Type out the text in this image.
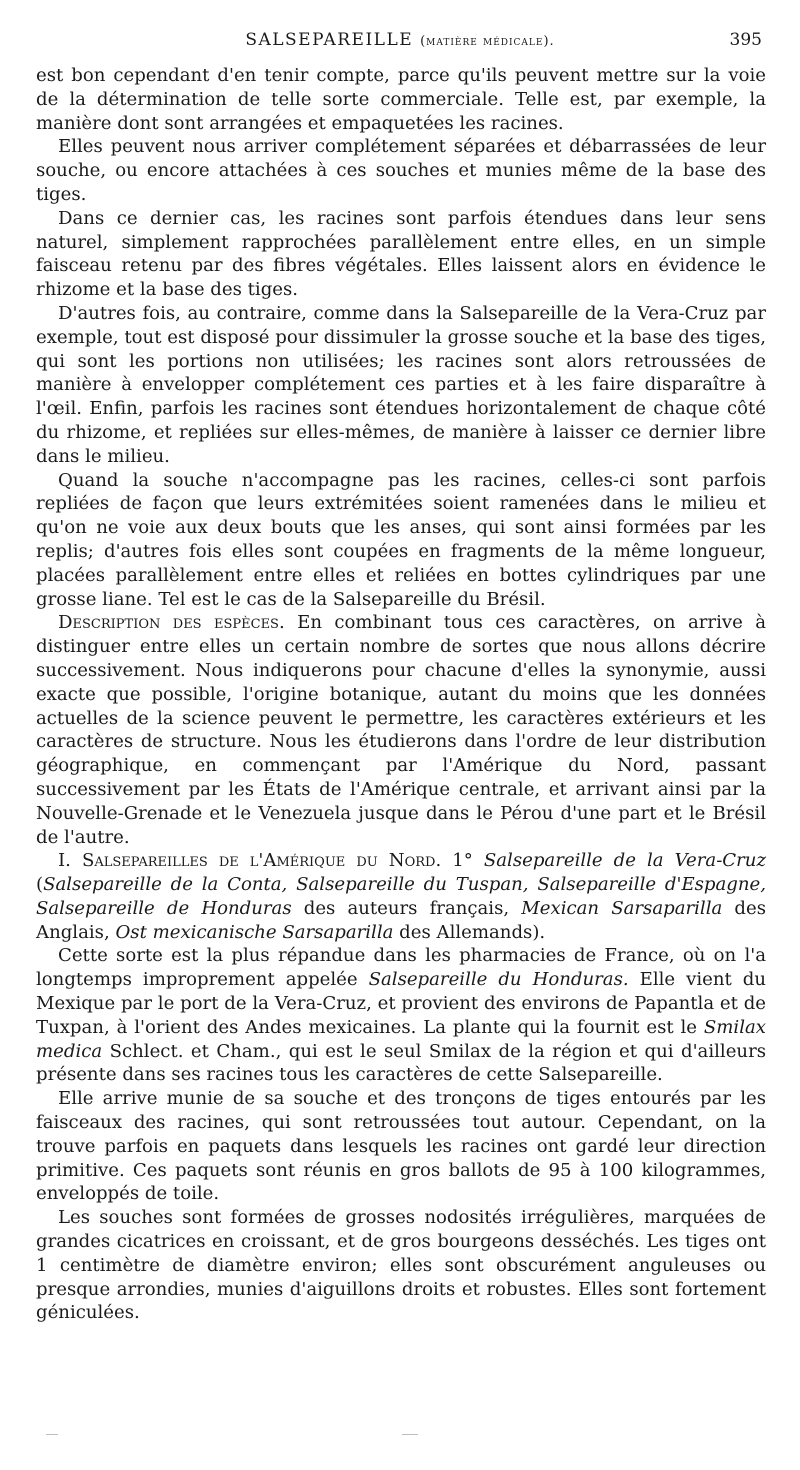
SALSEPAREILLE (matière médicale).	395

est bon cependant d'en tenir compte, parce qu'ils peuvent mettre sur la voie de la détermination de telle sorte commerciale. Telle est, par exemple, la manière dont sont arrangées et empaquetées les racines.

Elles peuvent nous arriver complétement séparées et débarrassées de leur souche, ou encore attachées à ces souches et munies même de la base des tiges.

Dans ce dernier cas, les racines sont parfois étendues dans leur sens naturel, simplement rapprochées parallèlement entre elles, en un simple faisceau retenu par des fibres végétales. Elles laissent alors en évidence le rhizome et la base des tiges.

D'autres fois, au contraire, comme dans la Salsepareille de la Vera-Cruz par exemple, tout est disposé pour dissimuler la grosse souche et la base des tiges, qui sont les portions non utilisées; les racines sont alors retroussées de manière à envelopper complétement ces parties et à les faire disparaître à l'œil. Enfin, parfois les racines sont étendues horizontalement de chaque côté du rhizome, et repliées sur elles-mêmes, de manière à laisser ce dernier libre dans le milieu.

Quand la souche n'accompagne pas les racines, celles-ci sont parfois repliées de façon que leurs extrémitées soient ramenées dans le milieu et qu'on ne voie aux deux bouts que les anses, qui sont ainsi formées par les replis; d'autres fois elles sont coupées en fragments de la même longueur, placées parallèlement entre elles et reliées en bottes cylindriques par une grosse liane. Tel est le cas de la Salsepareille du Brésil.

Description des espèces. En combinant tous ces caractères, on arrive à distinguer entre elles un certain nombre de sortes que nous allons décrire successivement. Nous indiquerons pour chacune d'elles la synonymie, aussi exacte que possible, l'origine botanique, autant du moins que les données actuelles de la science peuvent le permettre, les caractères extérieurs et les caractères de structure. Nous les étudierons dans l'ordre de leur distribution géographique, en commençant par l'Amérique du Nord, passant successivement par les États de l'Amérique centrale, et arrivant ainsi par la Nouvelle-Grenade et le Venezuela jusque dans le Pérou d'une part et le Brésil de l'autre.

I. Salsepareilles de l'Amérique du Nord. 1° Salsepareille de la Vera-Cruz (Salsepareille de la Conta, Salsepareille du Tuspan, Salsepareille d'Espagne, Salsepareille de Honduras des auteurs français, Mexican Sarsaparilla des Anglais, Ost mexicanische Sarsaparilla des Allemands).

Cette sorte est la plus répandue dans les pharmacies de France, où on l'a longtemps improprement appelée Salsepareille du Honduras. Elle vient du Mexique par le port de la Vera-Cruz, et provient des environs de Papantla et de Tuxpan, à l'orient des Andes mexicaines. La plante qui la fournit est le Smilax medica Schlect. et Cham., qui est le seul Smilax de la région et qui d'ailleurs présente dans ses racines tous les caractères de cette Salsepareille.

Elle arrive munie de sa souche et des tronçons de tiges entourés par les faisceaux des racines, qui sont retroussées tout autour. Cependant, on la trouve parfois en paquets dans lesquels les racines ont gardé leur direction primitive. Ces paquets sont réunis en gros ballots de 95 à 100 kilogrammes, enveloppés de toile.

Les souches sont formées de grosses nodosités irrégulières, marquées de grandes cicatrices en croissant, et de gros bourgeons desséchés. Les tiges ont 1 centimètre de diamètre environ; elles sont obscurément anguleuses ou presque arrondies, munies d'aiguillons droits et robustes. Elles sont fortement géniculées.
